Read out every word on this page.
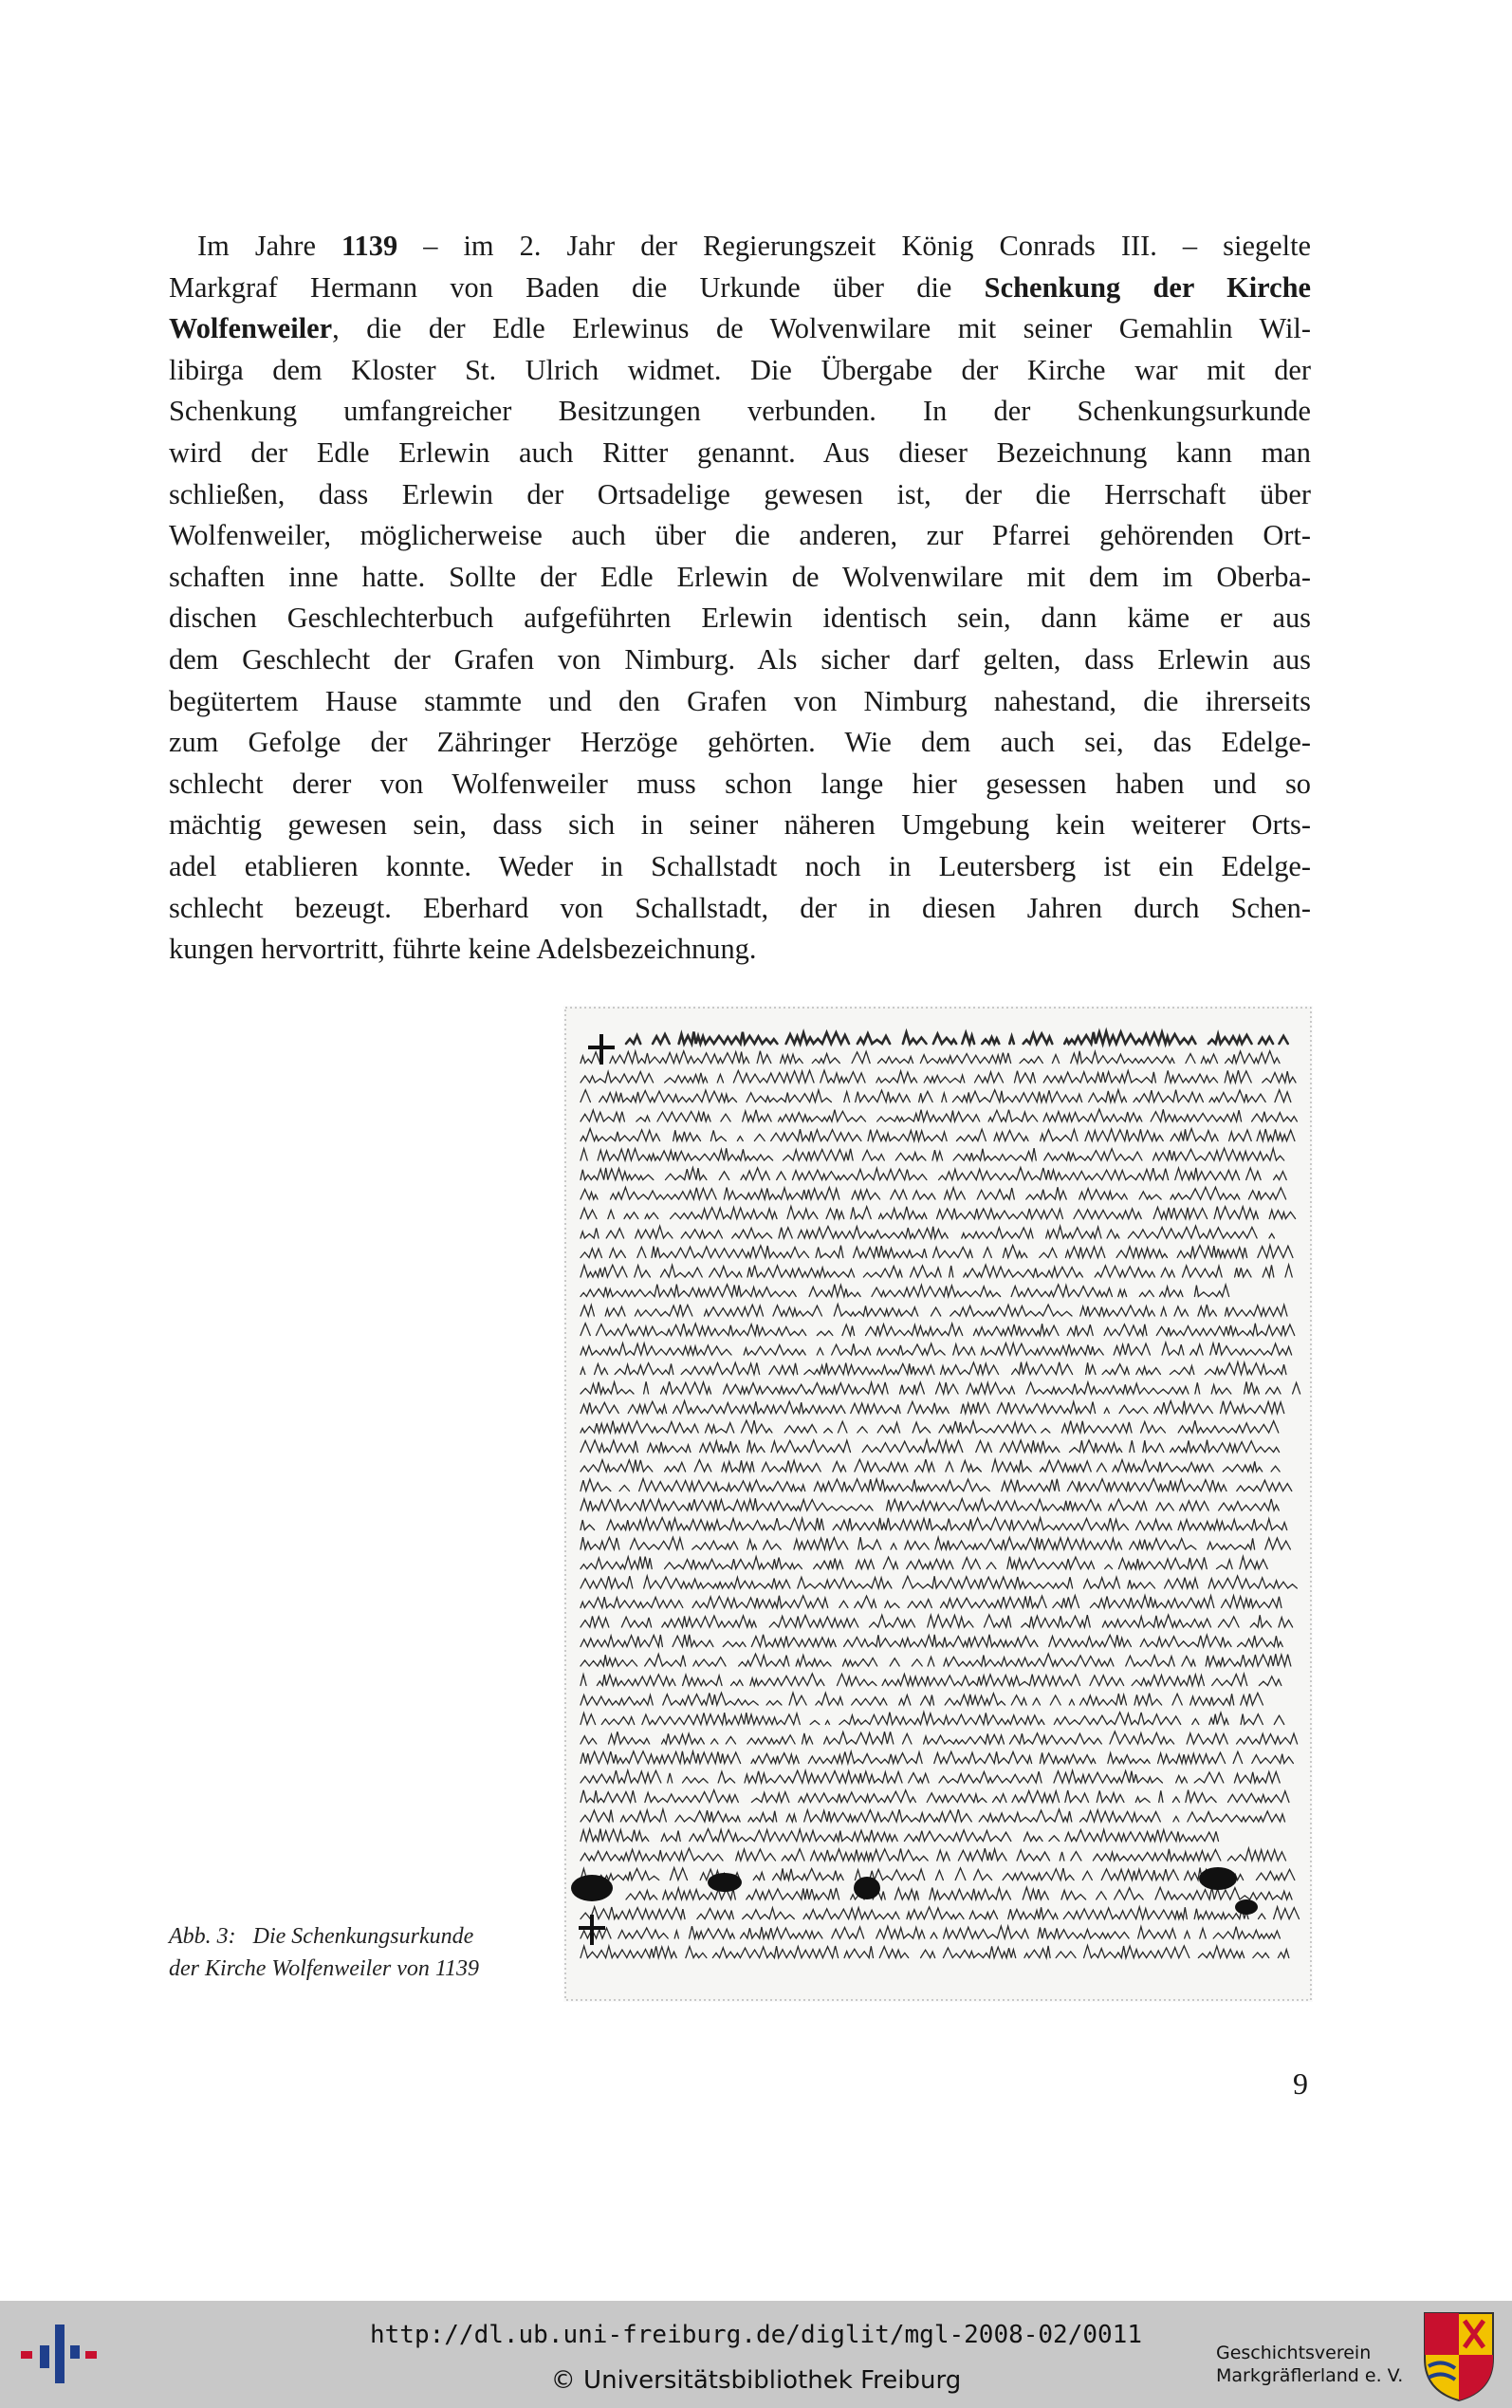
Im Jahre 1139 – im 2. Jahr der Regierungszeit König Conrads III. – siegelte
Markgraf Hermann von Baden die Urkunde über die Schenkung der Kirche
Wolfenweiler, die der Edle Erlewinus de Wolvenwilare mit seiner Gemahlin Wil-
libirga dem Kloster St. Ulrich widmet. Die Übergabe der Kirche war mit der
Schenkung umfangreicher Besitzungen verbunden. In der Schenkungsurkunde
wird der Edle Erlewin auch Ritter genannt. Aus dieser Bezeichnung kann man
schließen, dass Erlewin der Ortsadelige gewesen ist, der die Herrschaft über
Wolfenweiler, möglicherweise auch über die anderen, zur Pfarrei gehörenden Ort-
schaften inne hatte. Sollte der Edle Erlewin de Wolvenwilare mit dem im Oberba-
dischen Geschlechterbuch aufgeführten Erlewin identisch sein, dann käme er aus
dem Geschlecht der Grafen von Nimburg. Als sicher darf gelten, dass Erlewin aus
begütertem Hause stammte und den Grafen von Nimburg nahestand, die ihrerseits
zum Gefolge der Zähringer Herzöge gehörten. Wie dem auch sei, das Edelge-
schlecht derer von Wolfenweiler muss schon lange hier gesessen haben und so
mächtig gewesen sein, dass sich in seiner näheren Umgebung kein weiterer Orts-
adel etablieren konnte. Weder in Schallstadt noch in Leutersberg ist ein Edelge-
schlecht bezeugt. Eberhard von Schallstadt, der in diesen Jahren durch Schen-
kungen hervortritt, führte keine Adelsbezeichnung.
Abb. 3:   Die Schenkungsurkunde
der Kirche Wolfenweiler von 1139
9
http://dl.ub.uni-freiburg.de/diglit/mgl-2008-02/0011
© Universitätsbibliothek Freiburg
Geschichtsverein
Markgräflerland e. V.
